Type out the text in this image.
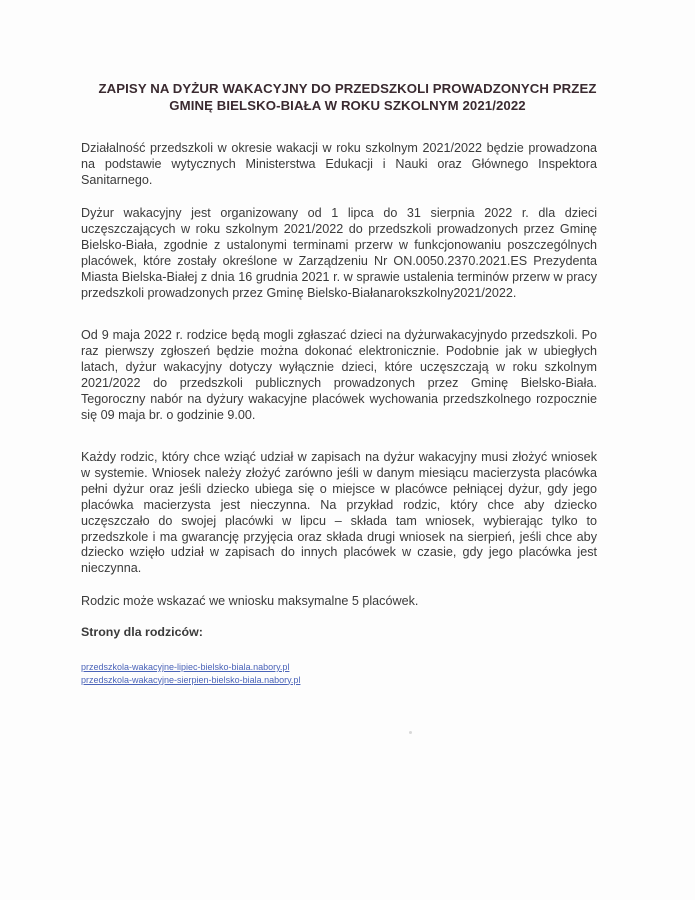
ZAPISY NA DYŻUR WAKACYJNY DO PRZEDSZKOLI PROWADZONYCH PRZEZ
GMINĘ BIELSKO-BIAŁA W ROKU SZKOLNYM 2021/2022
Działalność przedszkoli w okresie wakacji w roku szkolnym 2021/2022 będzie prowadzona na podstawie wytycznych Ministerstwa Edukacji i Nauki oraz Głównego Inspektora Sanitarnego.
Dyżur wakacyjny jest organizowany od 1 lipca do 31 sierpnia 2022 r. dla dzieci uczęszczających w roku szkolnym 2021/2022 do przedszkoli prowadzonych przez Gminę Bielsko-Biała, zgodnie z ustalonymi terminami przerw w funkcjonowaniu poszczególnych placówek, które zostały określone w Zarządzeniu Nr ON.0050.2370.2021.ES Prezydenta Miasta Bielska-Białej z dnia 16 grudnia 2021 r. w sprawie ustalenia terminów przerw w pracy przedszkoli prowadzonych przez Gminę Bielsko-Białanarokszkolny2021/2022.
Od 9 maja 2022 r. rodzice będą mogli zgłaszać dzieci na dyżurwakacyjnydo przedszkoli. Po raz pierwszy zgłoszeń będzie można dokonać elektronicznie. Podobnie jak w ubiegłych latach, dyżur wakacyjny dotyczy wyłącznie dzieci, które uczęszczają w roku szkolnym 2021/2022 do przedszkoli publicznych prowadzonych przez Gminę Bielsko-Biała. Tegoroczny nabór na dyżury wakacyjne placówek wychowania przedszkolnego rozpocznie się 09 maja br. o godzinie 9.00.
Każdy rodzic, który chce wziąć udział w zapisach na dyżur wakacyjny musi złożyć wniosek w systemie. Wniosek należy złożyć zarówno jeśli w danym miesiącu macierzysta placówka pełni dyżur oraz jeśli dziecko ubiega się o miejsce w placówce pełniącej dyżur, gdy jego placówka macierzysta jest nieczynna. Na przykład rodzic, który chce aby dziecko uczęszczało do swojej placówki w lipcu – składa tam wniosek, wybierając tylko to przedszkole i ma gwarancję przyjęcia oraz składa drugi wniosek na sierpień, jeśli chce aby dziecko wzięło udział w zapisach do innych placówek w czasie, gdy jego placówka jest nieczynna.
Rodzic może wskazać we wniosku maksymalne 5 placówek.
Strony dla rodziców:
przedszkola-wakacyjne-lipiec-bielsko-biala.nabory.pl
przedszkola-wakacyjne-sierpien-bielsko-biala.nabory.pl
